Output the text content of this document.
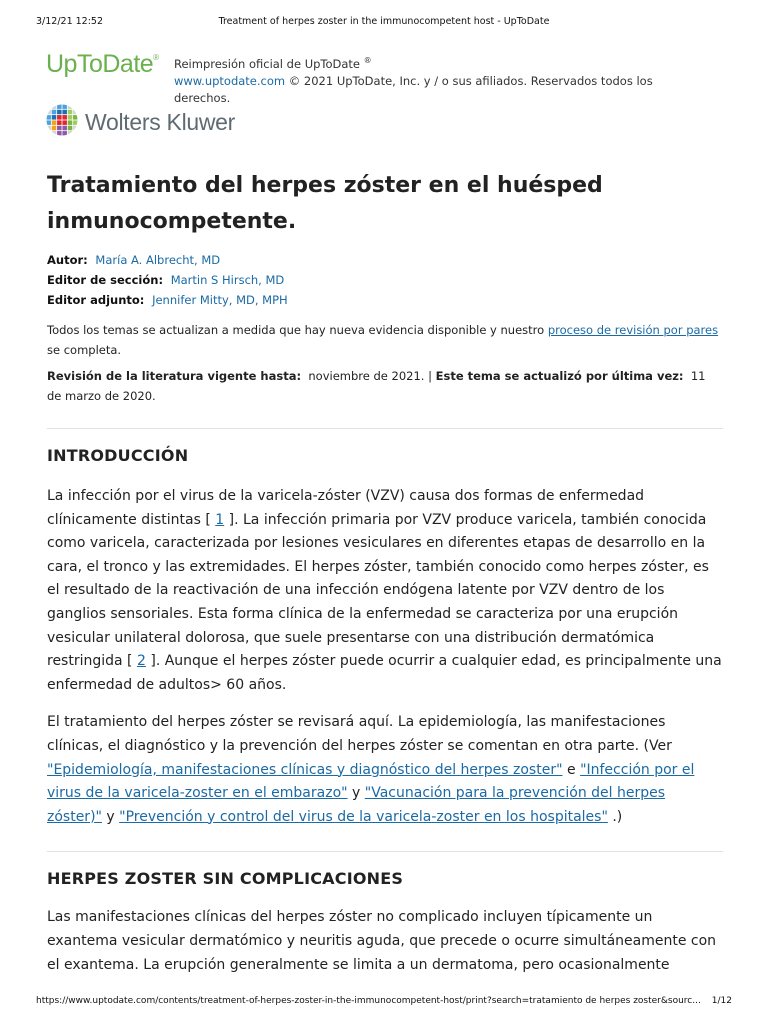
3/12/21 12:52	Treatment of herpes zoster in the immunocompetent host - UpToDate
UpToDate® Reimpresión oficial de UpToDate ®
www.uptodate.com © 2021 UpToDate, Inc. y / o sus afiliados. Reservados todos los derechos.
Wolters Kluwer
Tratamiento del herpes zóster en el huésped inmunocompetente.
Autor: María A. Albrecht, MD
Editor de sección: Martin S Hirsch, MD
Editor adjunto: Jennifer Mitty, MD, MPH

Todos los temas se actualizan a medida que hay nueva evidencia disponible y nuestro proceso de revisión por pares se completa.

Revisión de la literatura vigente hasta: noviembre de 2021. | Este tema se actualizó por última vez: 11 de marzo de 2020.

INTRODUCCIÓN

La infección por el virus de la varicela-zóster (VZV) causa dos formas de enfermedad clínicamente distintas [ 1 ]. La infección primaria por VZV produce varicela, también conocida como varicela, caracterizada por lesiones vesiculares en diferentes etapas de desarrollo en la cara, el tronco y las extremidades. El herpes zóster, también conocido como herpes zóster, es el resultado de la reactivación de una infección endógena latente por VZV dentro de los ganglios sensoriales. Esta forma clínica de la enfermedad se caracteriza por una erupción vesicular unilateral dolorosa, que suele presentarse con una distribución dermatómica restringida [ 2 ]. Aunque el herpes zóster puede ocurrir a cualquier edad, es principalmente una enfermedad de adultos> 60 años.

El tratamiento del herpes zóster se revisará aquí. La epidemiología, las manifestaciones clínicas, el diagnóstico y la prevención del herpes zóster se comentan en otra parte. (Ver "Epidemiología, manifestaciones clínicas y diagnóstico del herpes zoster" e "Infección por el virus de la varicela-zoster en el embarazo" y "Vacunación para la prevención del herpes zóster)" y "Prevención y control del virus de la varicela-zoster en los hospitales" .)

HERPES ZOSTER SIN COMPLICACIONES

Las manifestaciones clínicas del herpes zóster no complicado incluyen típicamente un exantema vesicular dermatómico y neuritis aguda, que precede o ocurre simultáneamente con el exantema. La erupción generalmente se limita a un dermatoma, pero ocasionalmente

https://www.uptodate.com/contents/treatment-of-herpes-zoster-in-the-immunocompetent-host/print?search=tratamiento de herpes zoster&sourc... 1/12
